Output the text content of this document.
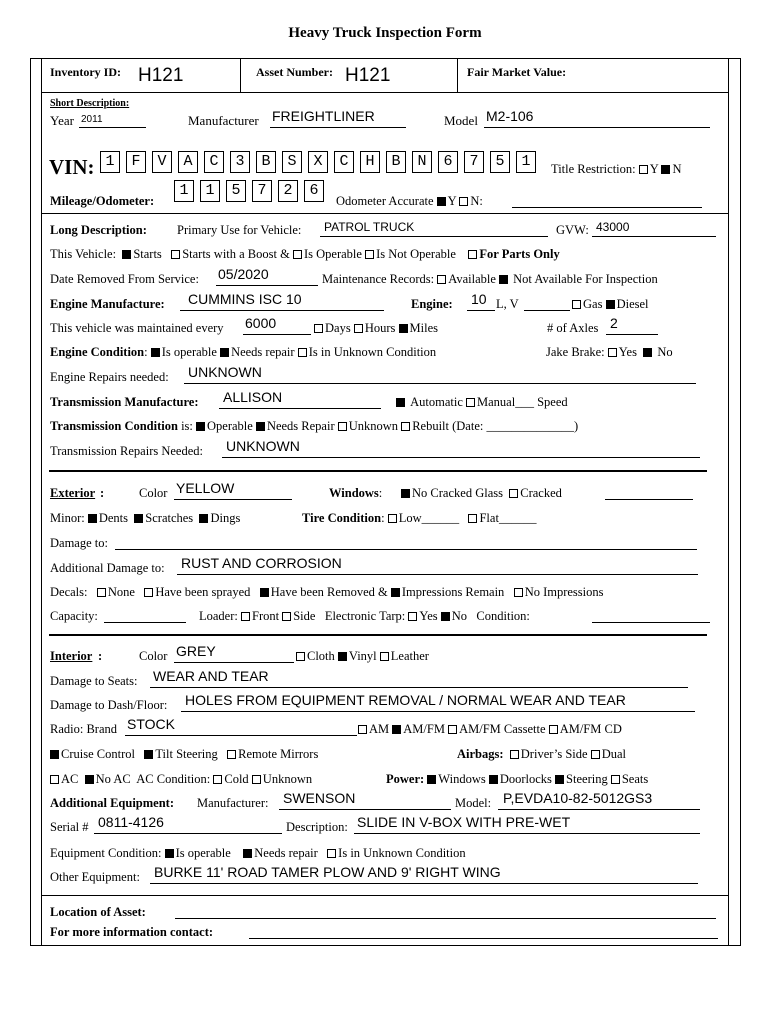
Heavy Truck Inspection Form
Inventory ID: H121	Asset Number: H121	Fair Market Value:
Short Description:
Year 2011	Manufacturer FREIGHTLINER	Model M2-106
VIN: 1	F	V	A	C	3	B	S	X	C	H	B	N	6	7	5	1	Title Restriction: Y N
Mileage/Odometer:
1	1	5	7	2	6
Odometer Accurate Y N:
Long Description: Primary Use for Vehicle: PATROL TRUCK	GVW: 43000
This Vehicle: Starts Starts with a Boost & Is Operable Is Not Operable For Parts Only
Date Removed From Service: 05/2020	Maintenance Records: Available Not Available For Inspection
Engine Manufacture: CUMMINS ISC 10	Engine: 10 L, V	Gas Diesel
This vehicle was maintained every 6000	Days Hours Miles	# of Axles 2
Engine Condition: Is operable Needs repair Is in Unknown Condition	Jake Brake: Yes No
Engine Repairs needed: UNKNOWN
Transmission Manufacture: ALLISON	Automatic Manual___ Speed
Transmission Condition is: Operable Needs Repair Unknown Rebuilt (Date: ______________)
Transmission Repairs Needed: UNKNOWN
Exterior :	Color YELLOW	Windows: No Cracked Glass Cracked
Minor: Dents Scratches Dings	Tire Condition: Low______   Flat______
Damage to:
Additional Damage to: RUST AND CORROSION
Decals: None Have been sprayed Have been Removed & Impressions Remain No Impressions
Capacity:	Loader: Front Side Electronic Tarp: Yes No Condition:
Interior :	Color GREY	Cloth Vinyl Leather
Damage to Seats: WEAR AND TEAR
Damage to Dash/Floor: HOLES FROM EQUIPMENT REMOVAL / NORMAL WEAR AND TEAR
Radio: Brand STOCK	AM AM/FM AM/FM Cassette AM/FM CD
Cruise Control Tilt Steering Remote Mirrors	Airbags: Driver’s Side Dual
AC No AC AC Condition: Cold Unknown	Power: Windows Doorlocks Steering Seats
Additional Equipment: Manufacturer: SWENSON	Model: P,EVDA10-82-5012GS3
Serial # 0811-4126	Description: SLIDE IN V-BOX WITH PRE-WET
Equipment Condition: Is operable Needs repair Is in Unknown Condition
Other Equipment: BURKE 11' ROAD TAMER PLOW AND 9' RIGHT WING
Location of Asset:
For more information contact:
